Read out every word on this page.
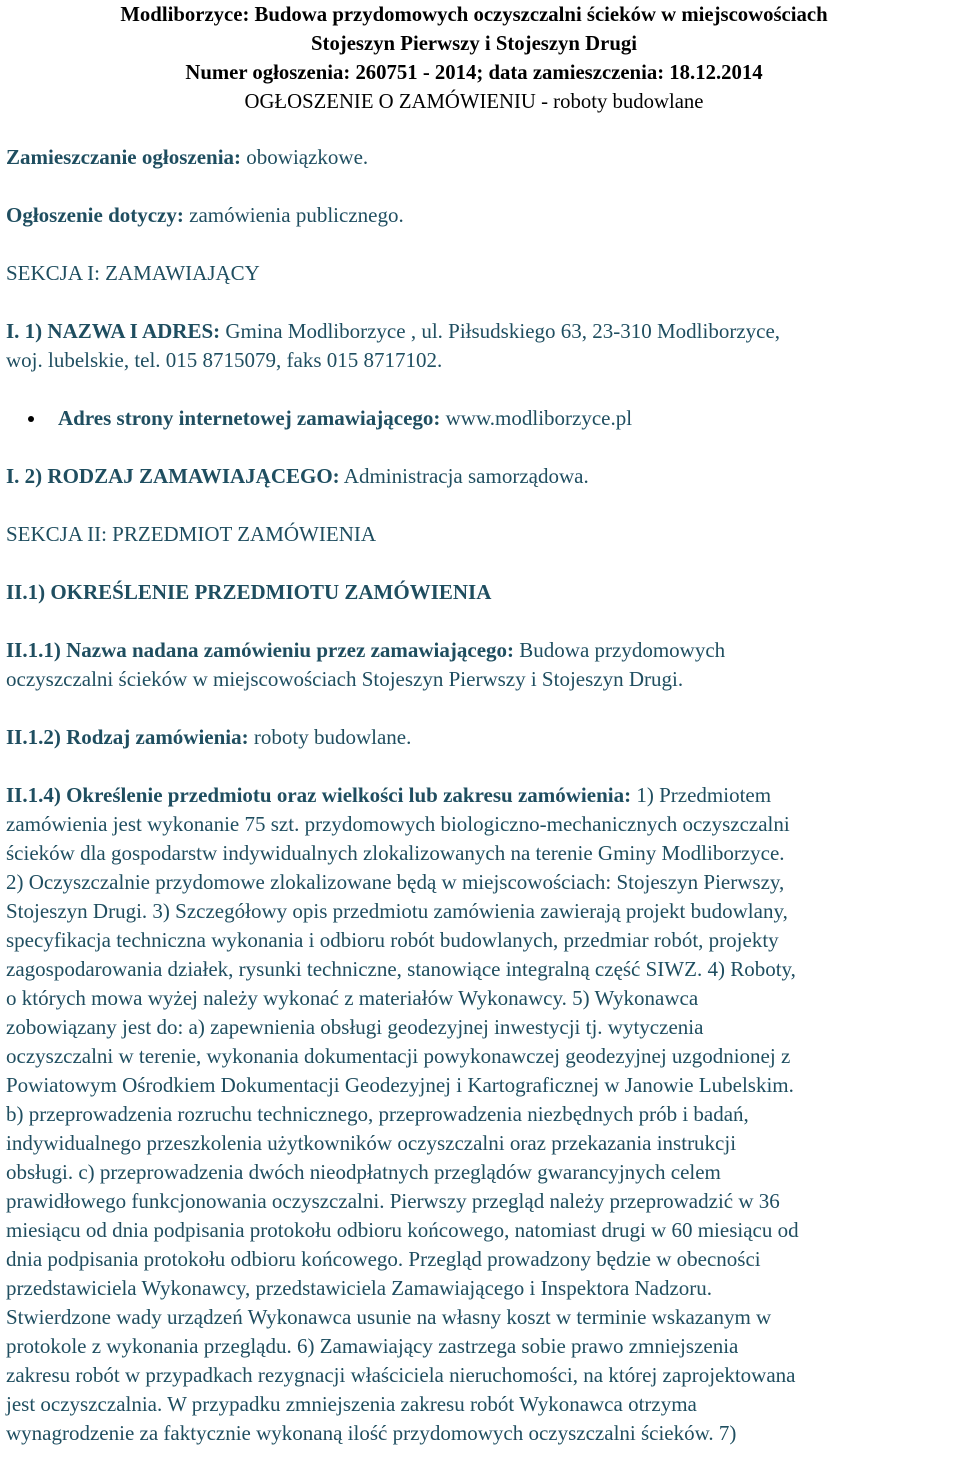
Modliborzyce: Budowa przydomowych oczyszczalni ścieków w miejscowościach
Stojeszyn Pierwszy i Stojeszyn Drugi
Numer ogłoszenia: 260751 - 2014; data zamieszczenia: 18.12.2014
OGŁOSZENIE O ZAMÓWIENIU - roboty budowlane

Zamieszczanie ogłoszenia: obowiązkowe.

Ogłoszenie dotyczy: zamówienia publicznego.

SEKCJA I: ZAMAWIAJĄCY

I. 1) NAZWA I ADRES: Gmina Modliborzyce , ul. Piłsudskiego 63, 23-310 Modliborzyce,

woj. lubelskie, tel. 015 8715079, faks 015 8717102.

Adres strony internetowej zamawiającego: www.modliborzyce.pl

I. 2) RODZAJ ZAMAWIAJĄCEGO: Administracja samorządowa.

SEKCJA II: PRZEDMIOT ZAMÓWIENIA

II.1) OKREŚLENIE PRZEDMIOTU ZAMÓWIENIA

II.1.1) Nazwa nadana zamówieniu przez zamawiającego: Budowa przydomowych

oczyszczalni ścieków w miejscowościach Stojeszyn Pierwszy i Stojeszyn Drugi.

II.1.2) Rodzaj zamówienia: roboty budowlane.

II.1.4) Określenie przedmiotu oraz wielkości lub zakresu zamówienia: 1) Przedmiotem

zamówienia jest wykonanie 75 szt. przydomowych biologiczno-mechanicznych oczyszczalni

ścieków dla gospodarstw indywidualnych zlokalizowanych na terenie Gminy Modliborzyce.

2) Oczyszczalnie przydomowe zlokalizowane będą w miejscowościach: Stojeszyn Pierwszy,

Stojeszyn Drugi. 3) Szczegółowy opis przedmiotu zamówienia zawierają projekt budowlany,

specyfikacja techniczna wykonania i odbioru robót budowlanych, przedmiar robót, projekty

zagospodarowania działek, rysunki techniczne, stanowiące integralną część SIWZ. 4) Roboty,

o których mowa wyżej należy wykonać z materiałów Wykonawcy. 5) Wykonawca

zobowiązany jest do: a) zapewnienia obsługi geodezyjnej inwestycji tj. wytyczenia

oczyszczalni w terenie, wykonania dokumentacji powykonawczej geodezyjnej uzgodnionej z

Powiatowym Ośrodkiem Dokumentacji Geodezyjnej i Kartograficznej w Janowie Lubelskim.

b) przeprowadzenia rozruchu technicznego, przeprowadzenia niezbędnych prób i badań,

indywidualnego przeszkolenia użytkowników oczyszczalni oraz przekazania instrukcji

obsługi. c) przeprowadzenia dwóch nieodpłatnych przeglądów gwarancyjnych celem

prawidłowego funkcjonowania oczyszczalni. Pierwszy przegląd należy przeprowadzić w 36

miesiącu od dnia podpisania protokołu odbioru końcowego, natomiast drugi w 60 miesiącu od

dnia podpisania protokołu odbioru końcowego. Przegląd prowadzony będzie w obecności

przedstawiciela Wykonawcy, przedstawiciela Zamawiającego i Inspektora Nadzoru.

Stwierdzone wady urządzeń Wykonawca usunie na własny koszt w terminie wskazanym w

protokole z wykonania przeglądu. 6) Zamawiający zastrzega sobie prawo zmniejszenia

zakresu robót w przypadkach rezygnacji właściciela nieruchomości, na której zaprojektowana

jest oczyszczalnia. W przypadku zmniejszenia zakresu robót Wykonawca otrzyma

wynagrodzenie za faktycznie wykonaną ilość przydomowych oczyszczalni ścieków. 7)
